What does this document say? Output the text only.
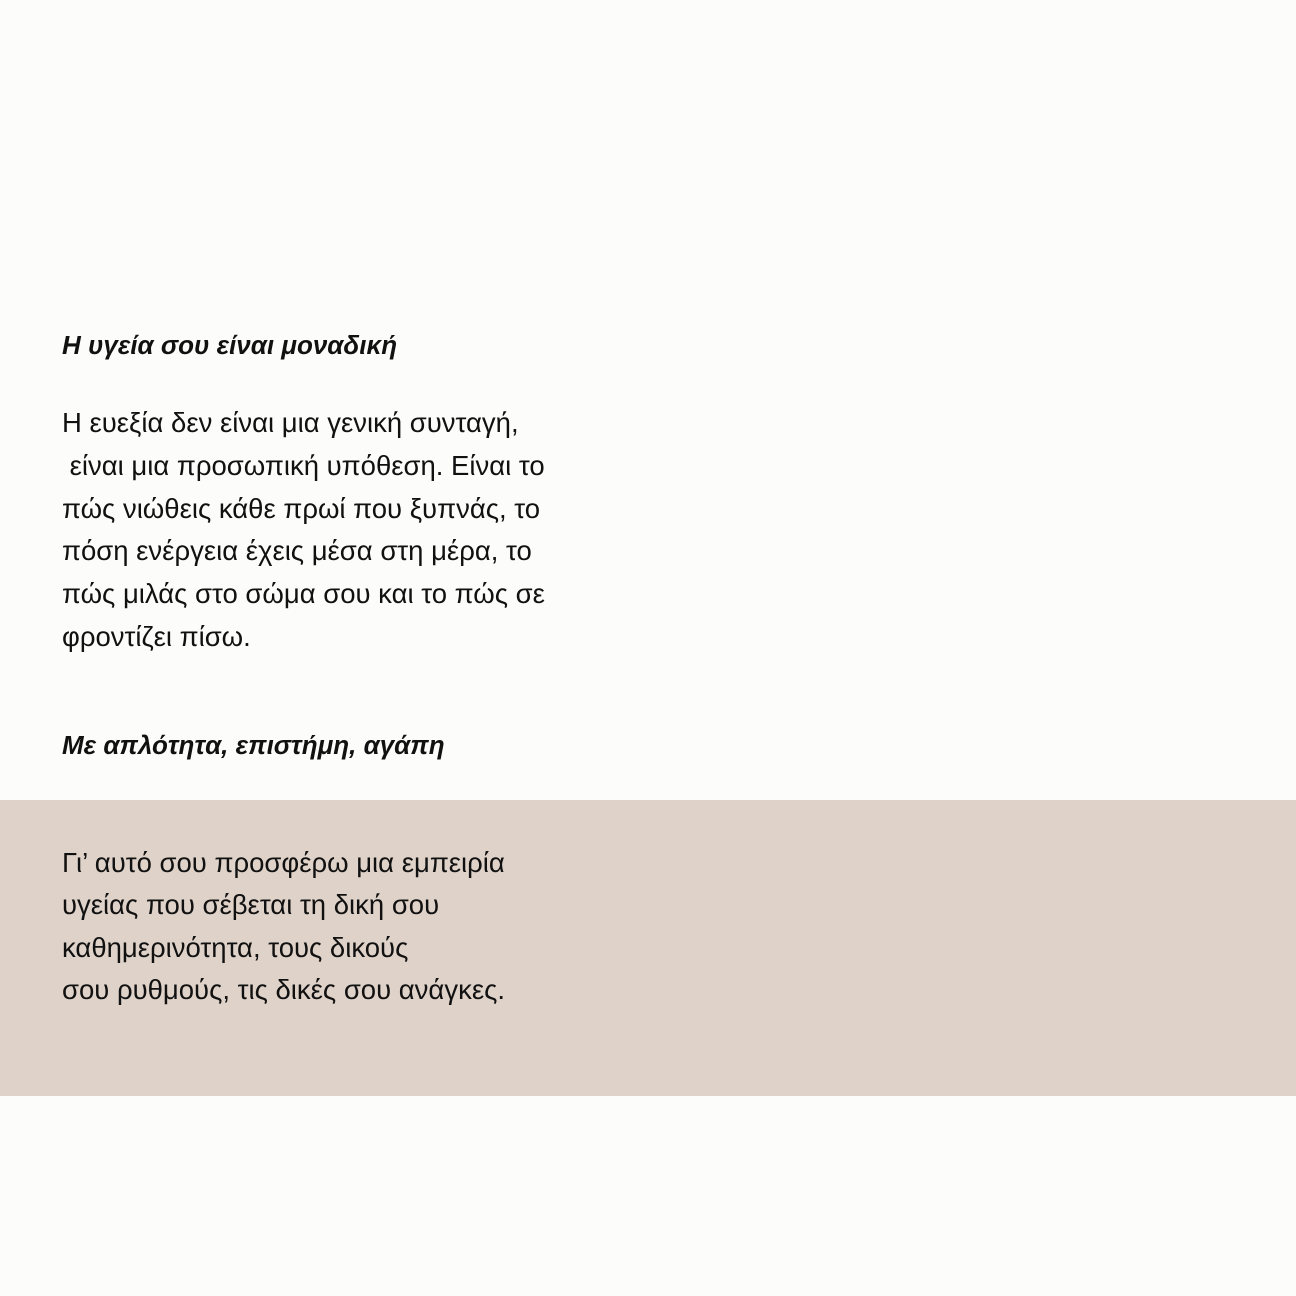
Η υγεία σου είναι μοναδική
Η ευεξία δεν είναι μια γενική συνταγή,
είναι μια προσωπική υπόθεση. Είναι το
πώς νιώθεις κάθε πρωί που ξυπνάς, το
πόση ενέργεια έχεις μέσα στη μέρα, το
πώς μιλάς στο σώμα σου και το πώς σε
φροντίζει πίσω.
Με απλότητα, επιστήμη, αγάπη
Γι’ αυτό σου προσφέρω μια εμπειρία
υγείας που σέβεται τη δική σου
καθημερινότητα, τους δικούς
σου ρυθμούς, τις δικές σου ανάγκες.
